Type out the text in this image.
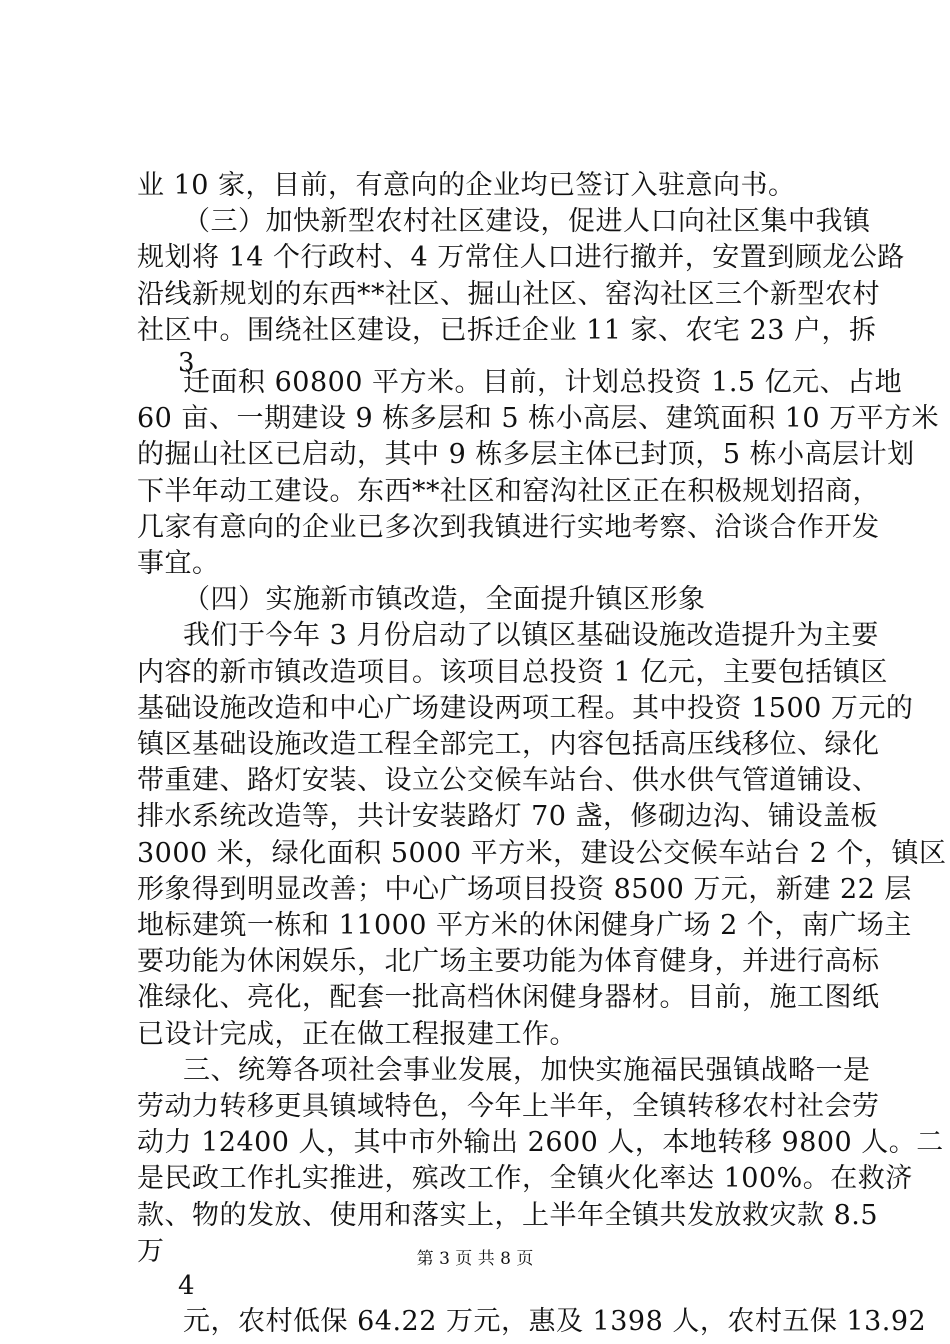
业 10 家，目前，有意向的企业均已签订入驻意向书。
（三）加快新型农村社区建设，促进人口向社区集中我镇
规划将 14 个行政村、4 万常住人口进行撤并，安置到顾龙公路
沿线新规划的东西**社区、掘山社区、窑沟社区三个新型农村
社区中。围绕社区建设，已拆迁企业 11 家、农宅 23 户，拆
3
迁面积 60800 平方米。目前，计划总投资 1.5 亿元、占地
60 亩、一期建设 9 栋多层和 5 栋小高层、建筑面积 10 万平方米
的掘山社区已启动，其中 9 栋多层主体已封顶，5 栋小高层计划
下半年动工建设。东西**社区和窑沟社区正在积极规划招商，
几家有意向的企业已多次到我镇进行实地考察、洽谈合作开发
事宜。
（四）实施新市镇改造，全面提升镇区形象
我们于今年 3 月份启动了以镇区基础设施改造提升为主要
内容的新市镇改造项目。该项目总投资 1 亿元，主要包括镇区
基础设施改造和中心广场建设两项工程。其中投资 1500 万元的
镇区基础设施改造工程全部完工，内容包括高压线移位、绿化
带重建、路灯安装、设立公交候车站台、供水供气管道铺设、
排水系统改造等，共计安装路灯 70 盏，修砌边沟、铺设盖板
3000 米，绿化面积 5000 平方米，建设公交候车站台 2 个，镇区
形象得到明显改善；中心广场项目投资 8500 万元，新建 22 层
地标建筑一栋和 11000 平方米的休闲健身广场 2 个，南广场主
要功能为休闲娱乐，北广场主要功能为体育健身，并进行高标
准绿化、亮化，配套一批高档休闲健身器材。目前，施工图纸
已设计完成，正在做工程报建工作。
三、统筹各项社会事业发展，加快实施福民强镇战略一是
劳动力转移更具镇域特色，今年上半年，全镇转移农村社会劳
动力 12400 人，其中市外输出 2600 人，本地转移 9800 人。二
是民政工作扎实推进，殡改工作，全镇火化率达 100%。在救济
款、物的发放、使用和落实上，上半年全镇共发放救灾款 8.5
万
4
元，农村低保 64.22 万元，惠及 1398 人，农村五保 13.92
第 3 页 共 8 页
